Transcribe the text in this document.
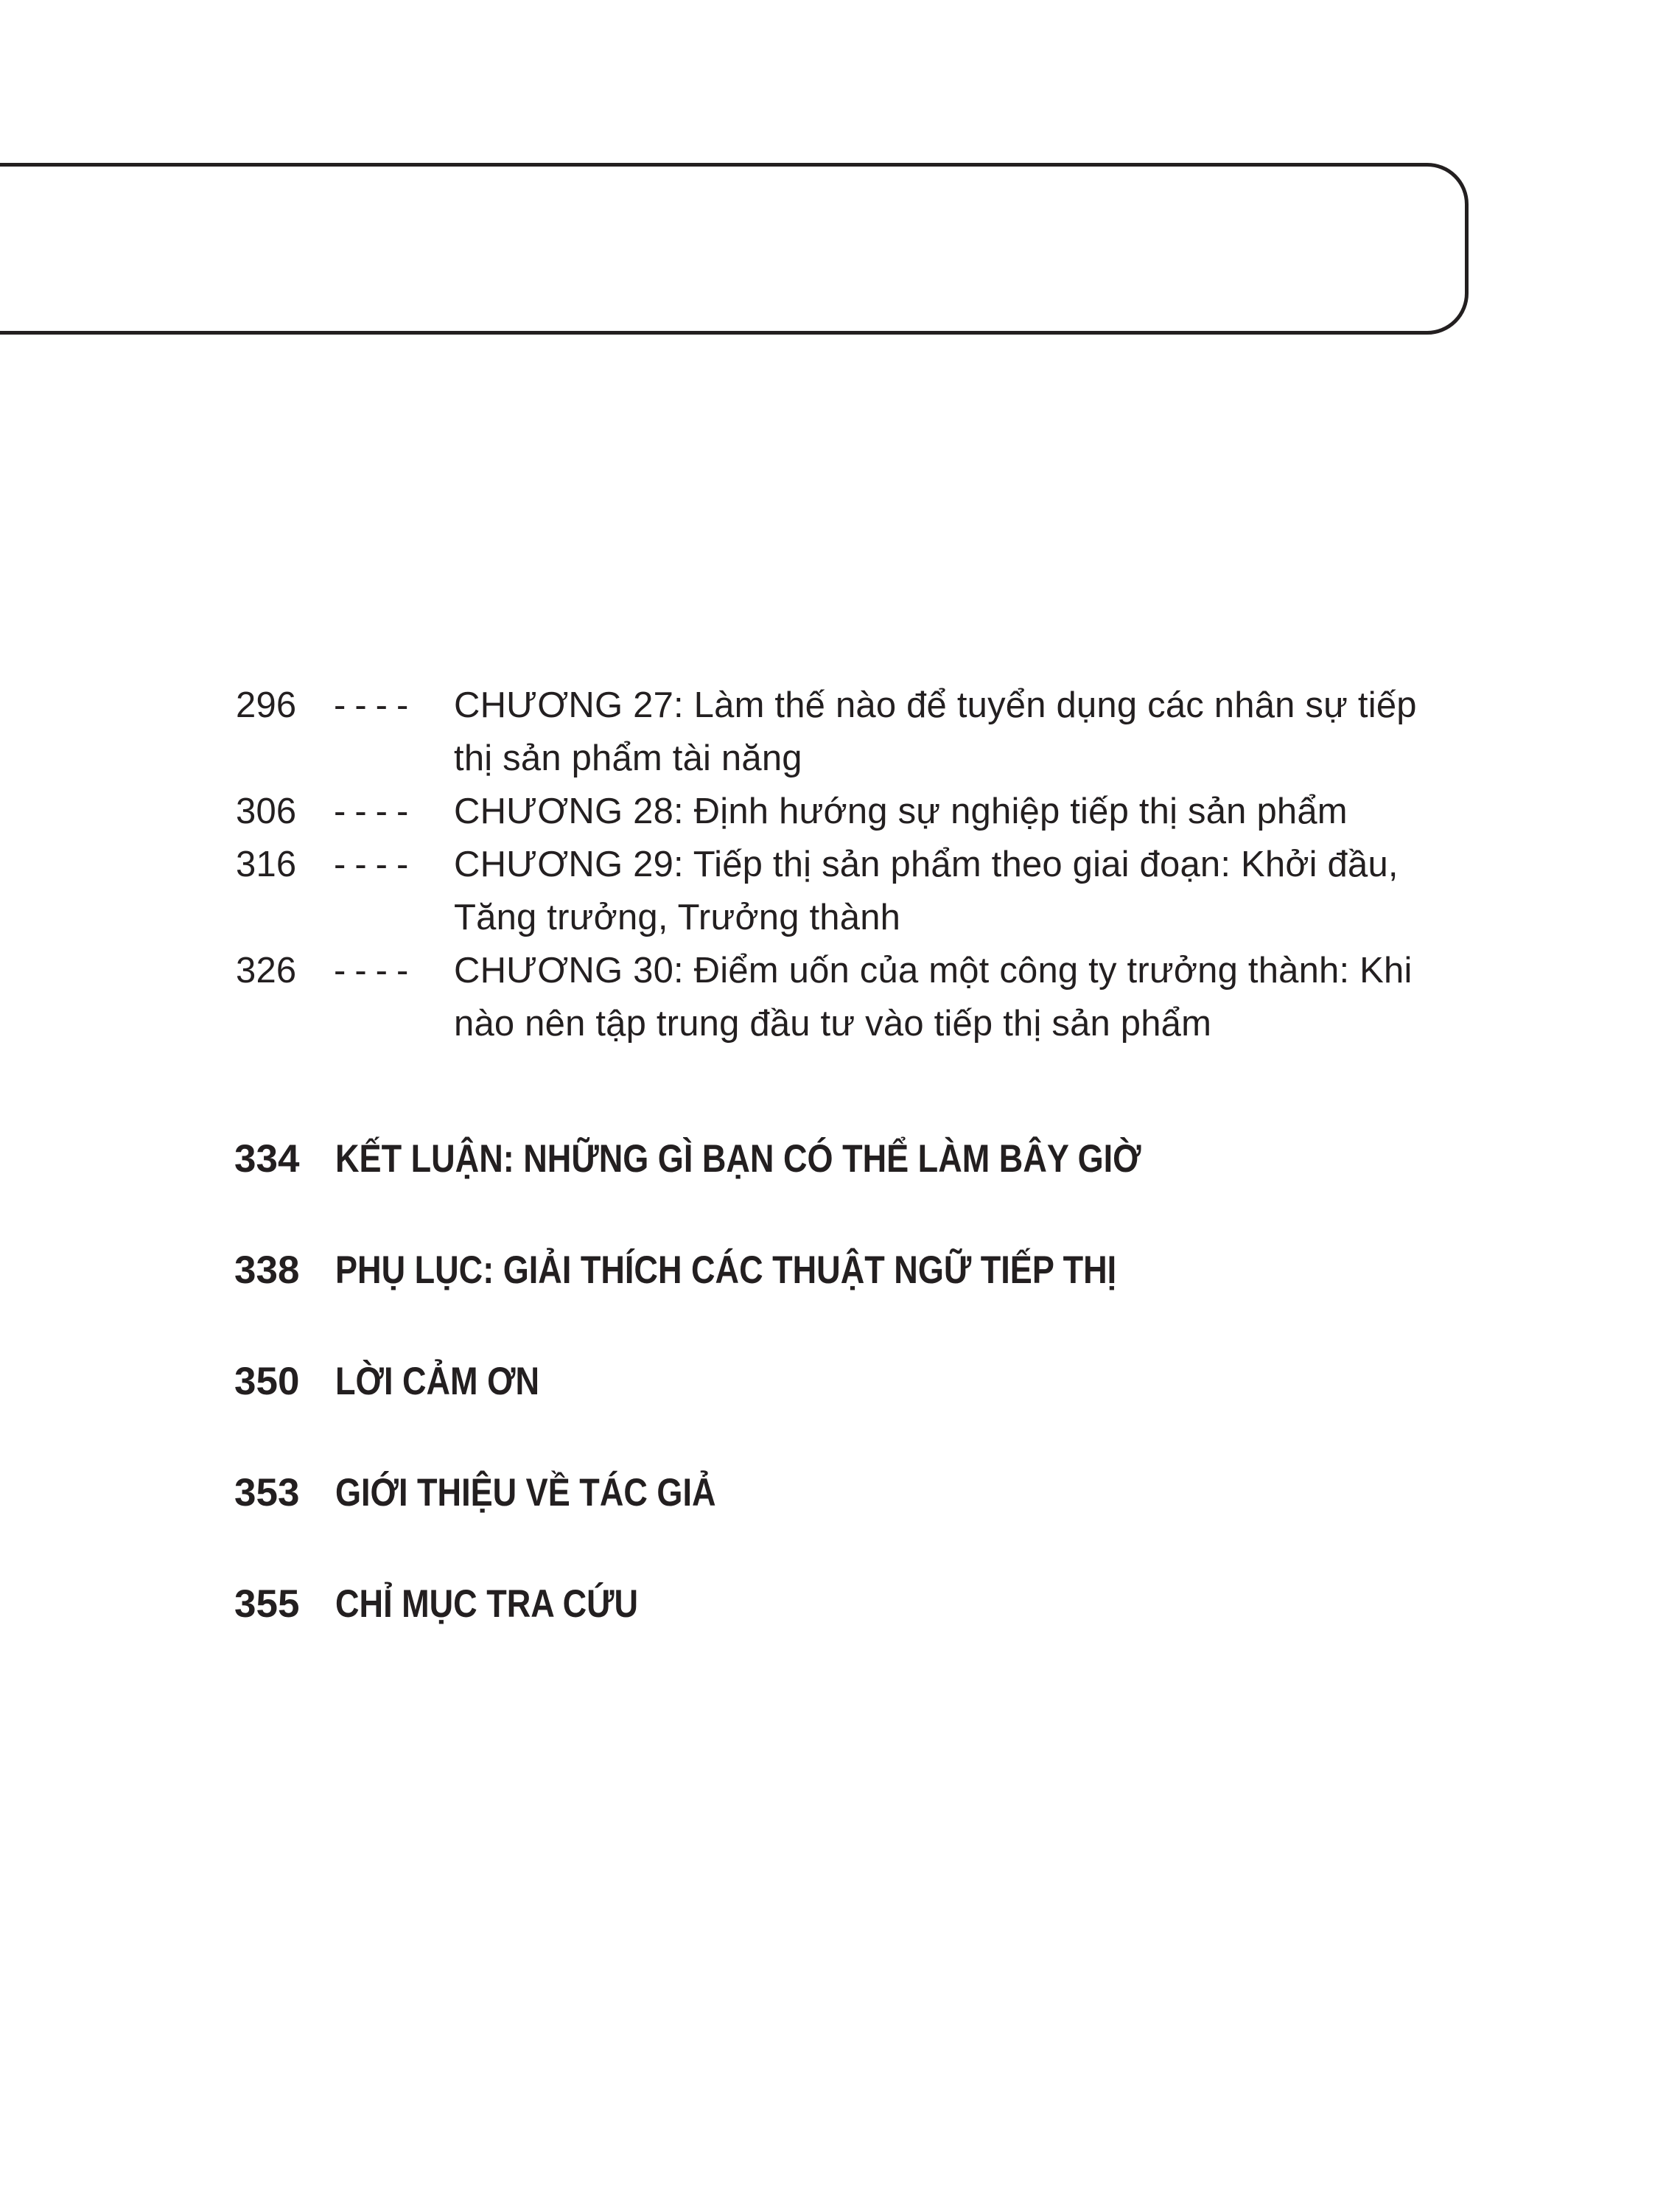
296	----	CHƯƠNG 27: Làm thế nào để tuyển dụng các nhân sự tiếp thị sản phẩm tài năng
306	----	CHƯƠNG 28: Định hướng sự nghiệp tiếp thị sản phẩm
316	----	CHƯƠNG 29: Tiếp thị sản phẩm theo giai đoạn: Khởi đầu, Tăng trưởng, Trưởng thành
326	----	CHƯƠNG 30: Điểm uốn của một công ty trưởng thành: Khi nào nên tập trung đầu tư vào tiếp thị sản phẩm
334 KẾT LUẬN: NHỮNG GÌ BẠN CÓ THỂ LÀM BÂY GIỜ
338 PHỤ LỤC: GIẢI THÍCH CÁC THUẬT NGỮ TIẾP THỊ
350 LỜI CẢM ƠN
353 GIỚI THIỆU VỀ TÁC GIẢ
355 CHỈ MỤC TRA CỨU
